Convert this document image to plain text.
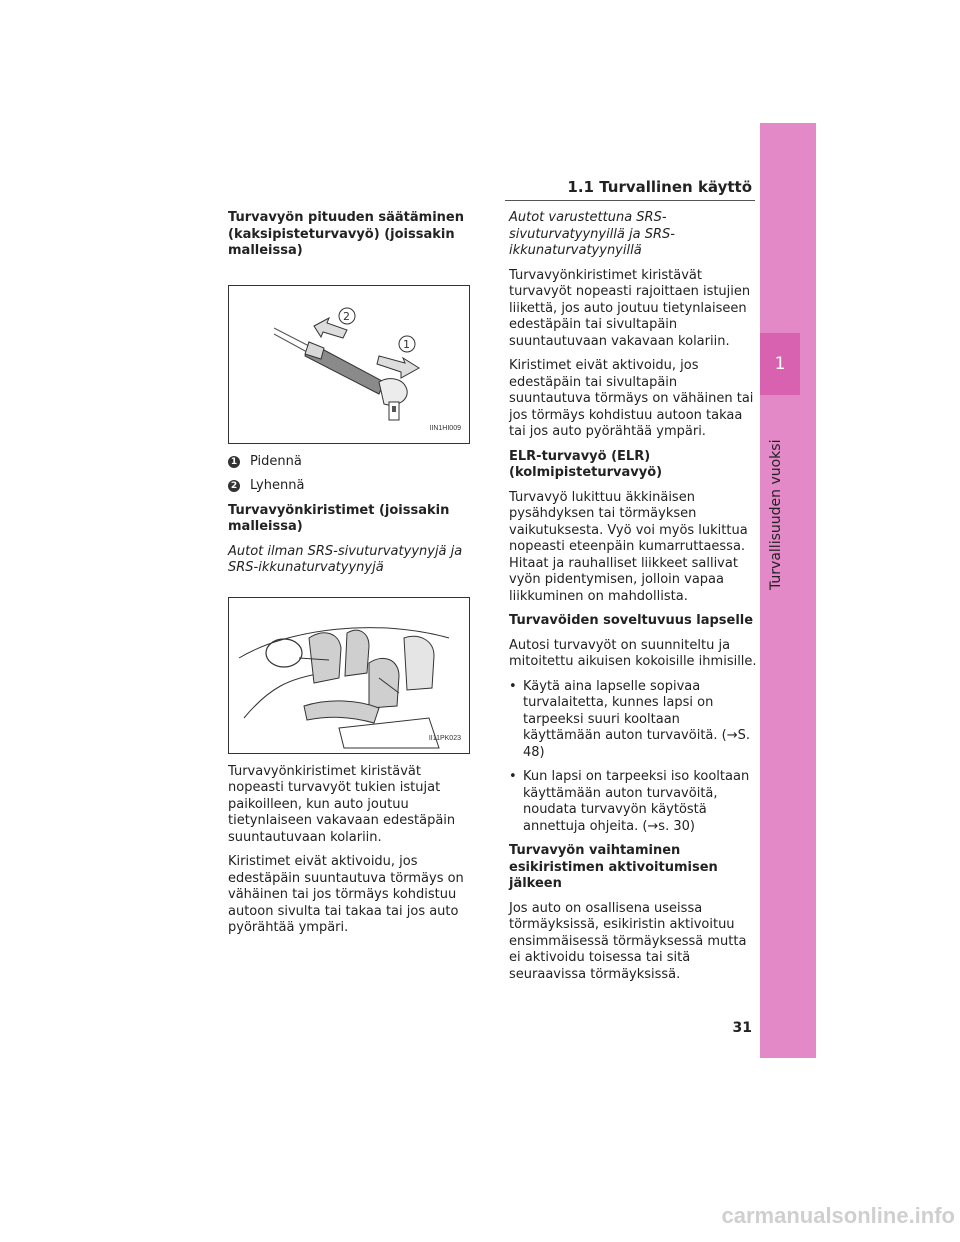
1.1 Turvallinen käyttö
1
Turvallisuuden vuoksi
Turvavyön pituuden säätäminen (kaksipisteturvavyö) (joissakin malleissa)
2
1
IIN1HI009
1 Pidennä
2 Lyhennä
Turvavyönkiristimet (joissakin malleissa)
Autot ilman SRS-sivuturvatyynyjä ja SRS-ikkunaturvatyynyjä
II11PK023
Turvavyönkiristimet kiristävät nopeasti turvavyöt tukien istujat paikoilleen, kun auto joutuu tietynlaiseen vakavaan edestäpäin suuntautuvaan kolariin.
Kiristimet eivät aktivoidu, jos edestäpäin suuntautuva törmäys on vähäinen tai jos törmäys kohdistuu autoon sivulta tai takaa tai jos auto pyörähtää ympäri.
Autot varustettuna SRS-sivuturvatyynyillä ja SRS-ikkunaturvatyynyillä
Turvavyönkiristimet kiristävät turvavyöt nopeasti rajoittaen istujien liikettä, jos auto joutuu tietynlaiseen edestäpäin tai sivultapäin suuntautuvaan vakavaan kolariin.
Kiristimet eivät aktivoidu, jos edestäpäin tai sivultapäin suuntautuva törmäys on vähäinen tai jos törmäys kohdistuu autoon takaa tai jos auto pyörähtää ympäri.
ELR-turvavyö (ELR) (kolmipisteturvavyö)
Turvavyö lukittuu äkkinäisen pysähdyksen tai törmäyksen vaikutuksesta. Vyö voi myös lukittua nopeasti eteenpäin kumarruttaessa. Hitaat ja rauhalliset liikkeet sallivat vyön pidentymisen, jolloin vapaa liikkuminen on mahdollista.
Turvavöiden soveltuvuus lapselle
Autosi turvavyöt on suunniteltu ja mitoitettu aikuisen kokoisille ihmisille.
• Käytä aina lapselle sopivaa turvalaitetta, kunnes lapsi on tarpeeksi suuri kooltaan käyttämään auton turvavöitä. (→S. 48)
• Kun lapsi on tarpeeksi iso kooltaan käyttämään auton turvavöitä, noudata turvavyön käytöstä annettuja ohjeita. (→s. 30)
Turvavyön vaihtaminen esikiristimen aktivoitumisen jälkeen
Jos auto on osallisena useissa törmäyksissä, esikiristin aktivoituu ensimmäisessä törmäyksessä mutta ei aktivoidu toisessa tai sitä seuraavissa törmäyksissä.
31
carmanualsonline.info
